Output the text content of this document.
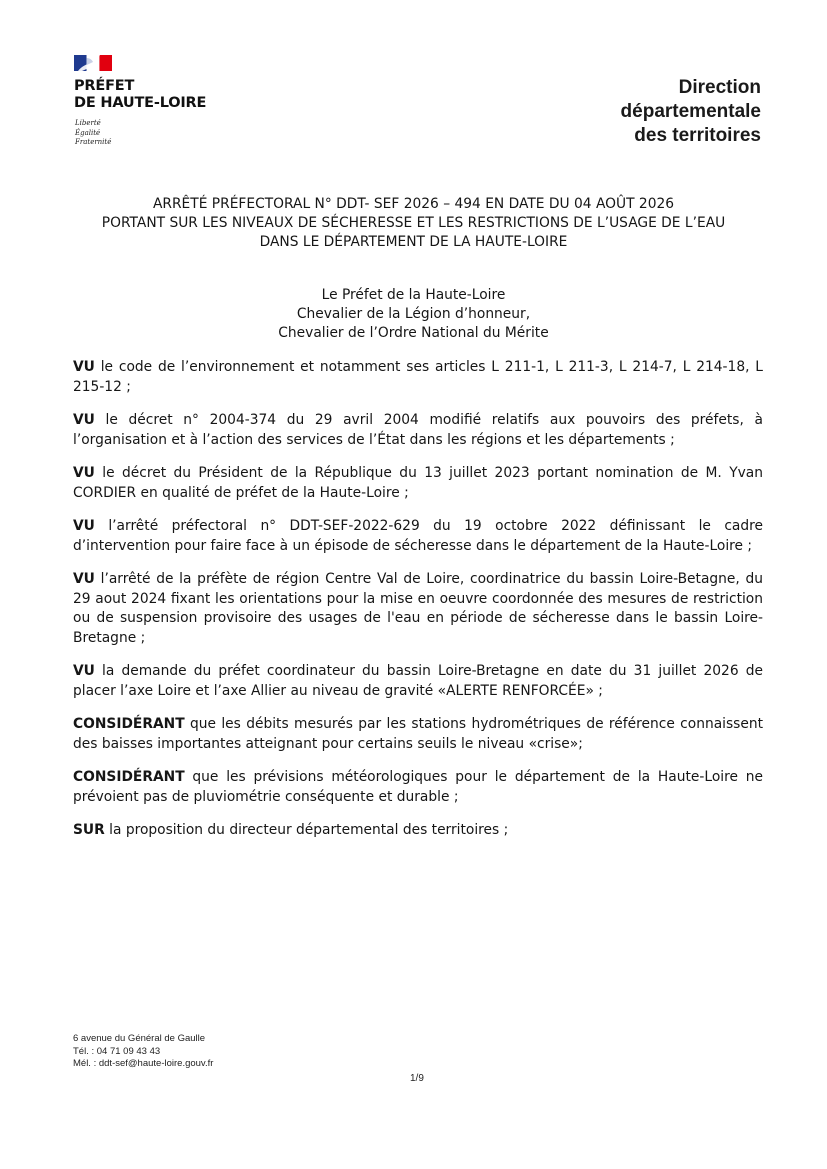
PRÉFET
DE HAUTE-LOIRE
Liberté
Égalité
Fraternité
Direction
départementale
des territoires
ARRÊTÉ PRÉFECTORAL N° DDT- SEF 2026 – 494 EN DATE DU 04 AOÛT 2026
PORTANT SUR LES NIVEAUX DE SÉCHERESSE ET LES RESTRICTIONS DE L’USAGE DE L’EAU
DANS LE DÉPARTEMENT DE LA HAUTE-LOIRE
Le Préfet de la Haute-Loire
Chevalier de la Légion d’honneur,
Chevalier de l’Ordre National du Mérite

VU le code de l’environnement et notamment ses articles L 211-1, L 211-3, L 214-7, L 214-18, L 215-12 ;

VU le décret n° 2004-374 du 29 avril 2004 modifié relatifs aux pouvoirs des préfets, à l’organisation et à l’action des services de l’État dans les régions et les départements ;

VU le décret du Président de la République du 13 juillet 2023 portant nomination de M. Yvan CORDIER en qualité de préfet de la Haute-Loire ;

VU l’arrêté préfectoral n° DDT-SEF-2022-629 du 19 octobre 2022 définissant le cadre d’intervention pour faire face à un épisode de sécheresse dans le département de la Haute-Loire ;

VU l’arrêté de la préfète de région Centre Val de Loire, coordinatrice du bassin Loire-Betagne, du 29 aout 2024 fixant les orientations pour la mise en oeuvre coordonnée des mesures de restriction ou de suspension provisoire des usages de l'eau en période de sécheresse dans le bassin Loire-Bretagne ;

VU la demande du préfet coordinateur du bassin Loire-Bretagne en date du 31 juillet 2026 de placer l’axe Loire et l’axe Allier au niveau de gravité «ALERTE RENFORCÉE» ;

CONSIDÉRANT que les débits mesurés par les stations hydrométriques de référence connaissent des baisses importantes atteignant pour certains seuils le niveau «crise»;

CONSIDÉRANT que les prévisions météorologiques pour le département de la Haute-Loire ne prévoient pas de pluviométrie conséquente et durable ;

SUR la proposition du directeur départemental des territoires ;

6 avenue du Général de Gaulle
Tél. : 04 71 09 43 43
Mél. : ddt-sef@haute-loire.gouv.fr
1/9
